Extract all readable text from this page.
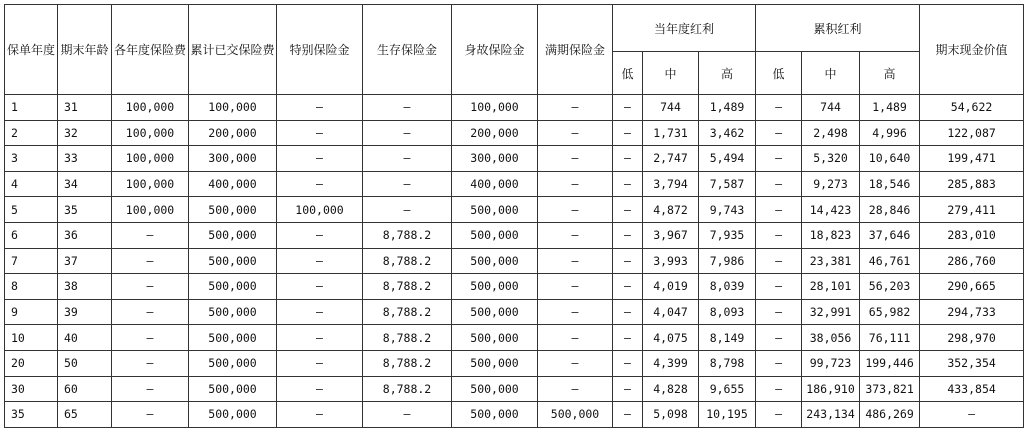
保单年度	期末年龄	各年度保险费	累计已交保险费	特别保险金	生存保险金	身故保险金	满期保险金	当年度红利			累积红利			期末现金价值
								低	中	高	低	中	高	
1	31	100,000	100,000	–	–	100,000	–	–	744	1,489	–	744	1,489	54,622
2	32	100,000	200,000	–	–	200,000	–	–	1,731	3,462	–	2,498	4,996	122,087
3	33	100,000	300,000	–	–	300,000	–	–	2,747	5,494	–	5,320	10,640	199,471
4	34	100,000	400,000	–	–	400,000	–	–	3,794	7,587	–	9,273	18,546	285,883
5	35	100,000	500,000	100,000	–	500,000	–	–	4,872	9,743	–	14,423	28,846	279,411
6	36	–	500,000	–	8,788.2	500,000	–	–	3,967	7,935	–	18,823	37,646	283,010
7	37	–	500,000	–	8,788.2	500,000	–	–	3,993	7,986	–	23,381	46,761	286,760
8	38	–	500,000	–	8,788.2	500,000	–	–	4,019	8,039	–	28,101	56,203	290,665
9	39	–	500,000	–	8,788.2	500,000	–	–	4,047	8,093	–	32,991	65,982	294,733
10	40	–	500,000	–	8,788.2	500,000	–	–	4,075	8,149	–	38,056	76,111	298,970
20	50	–	500,000	–	8,788.2	500,000	–	–	4,399	8,798	–	99,723	199,446	352,354
30	60	–	500,000	–	8,788.2	500,000	–	–	4,828	9,655	–	186,910	373,821	433,854
35	65	–	500,000	–	–	500,000	500,000	–	5,098	10,195	–	243,134	486,269	–
